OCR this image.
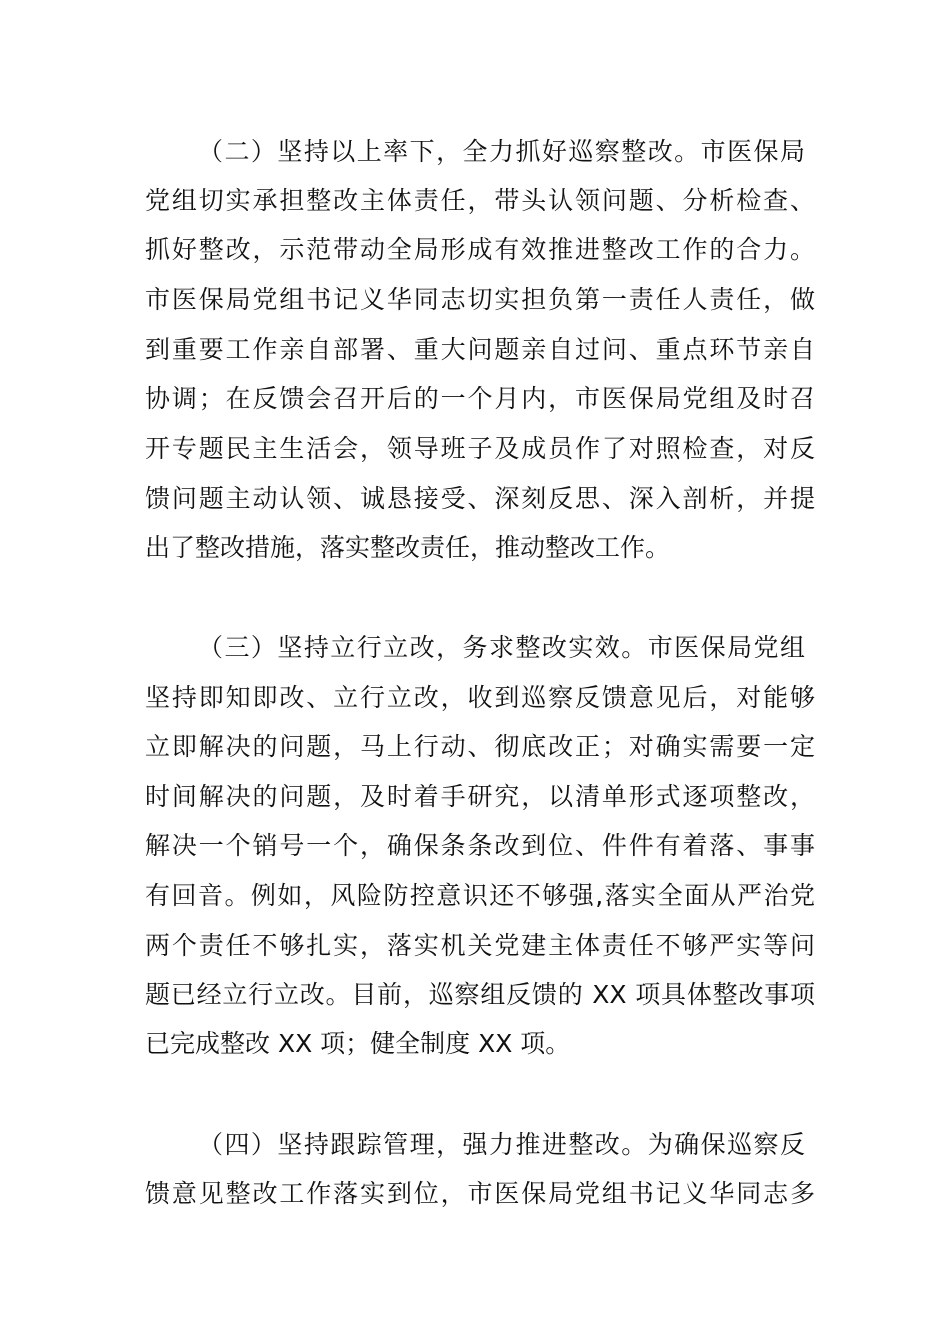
（二）坚持以上率下，全力抓好巡察整改。市医保局
党组切实承担整改主体责任，带头认领问题、分析检查、
抓好整改，示范带动全局形成有效推进整改工作的合力。
市医保局党组书记义华同志切实担负第一责任人责任，做
到重要工作亲自部署、重大问题亲自过问、重点环节亲自
协调；在反馈会召开后的一个月内，市医保局党组及时召
开专题民主生活会，领导班子及成员作了对照检查，对反
馈问题主动认领、诚恳接受、深刻反思、深入剖析，并提
出了整改措施，落实整改责任，推动整改工作。
（三）坚持立行立改，务求整改实效。市医保局党组
坚持即知即改、立行立改，收到巡察反馈意见后，对能够
立即解决的问题，马上行动、彻底改正；对确实需要一定
时间解决的问题，及时着手研究，以清单形式逐项整改，
解决一个销号一个，确保条条改到位、件件有着落、事事
有回音。例如，风险防控意识还不够强,落实全面从严治党
两个责任不够扎实，落实机关党建主体责任不够严实等问
题已经立行立改。目前，巡察组反馈的 XX 项具体整改事项
已完成整改 XX 项；健全制度 XX 项。
（四）坚持跟踪管理，强力推进整改。为确保巡察反
馈意见整改工作落实到位，市医保局党组书记义华同志多
